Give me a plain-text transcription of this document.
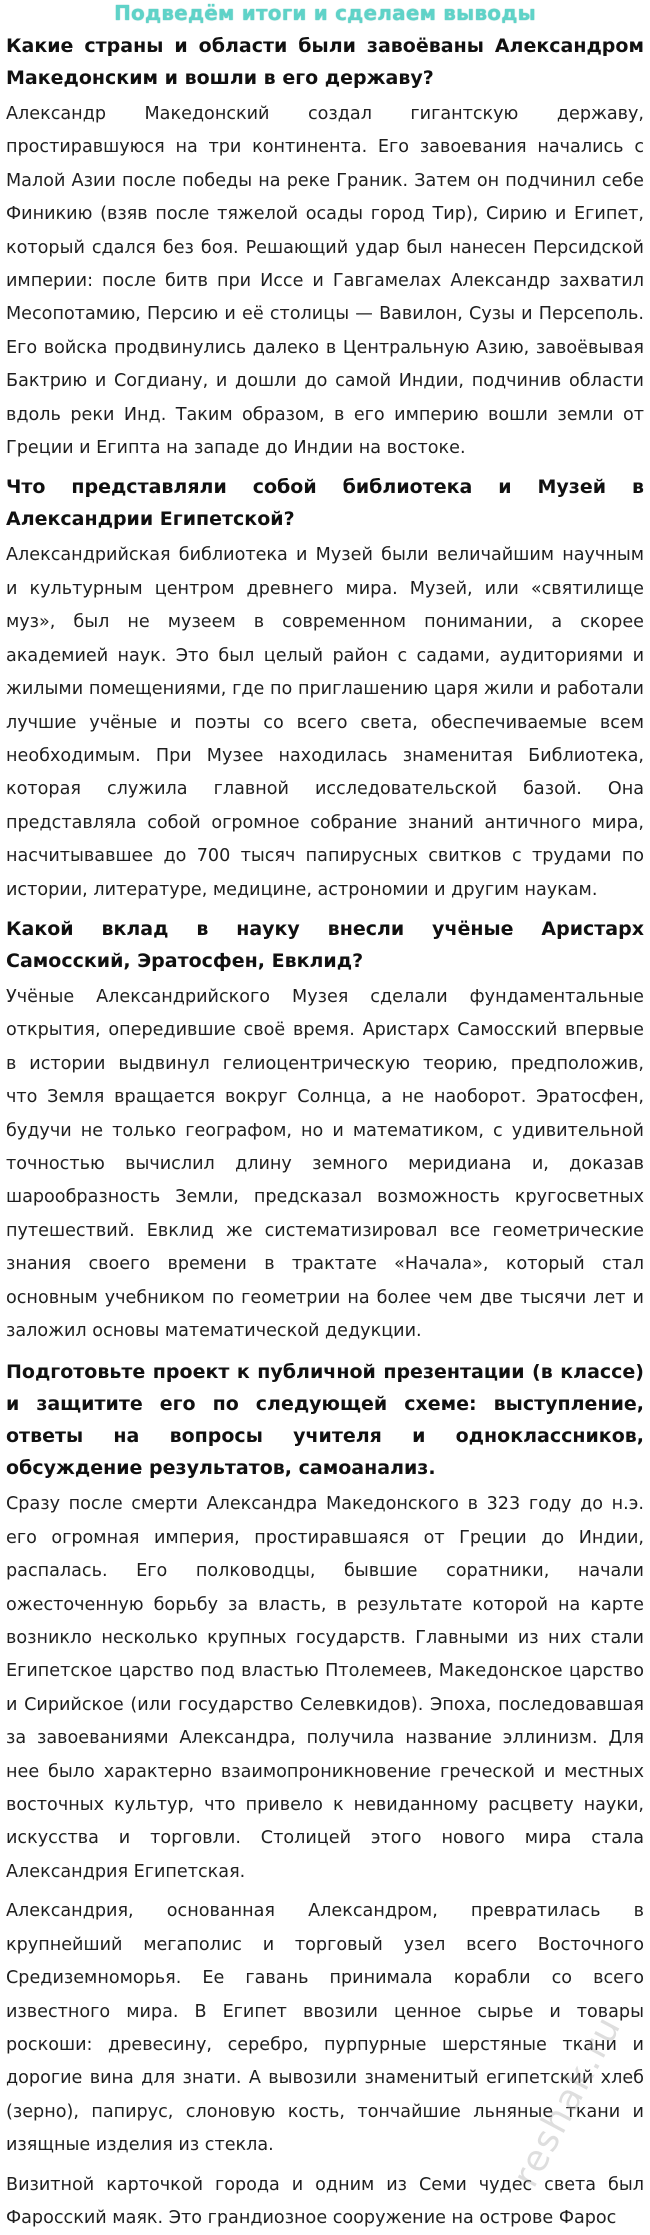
Подведём итоги и сделаем выводы
Какие страны и области были завоёваны Александром Македонским и вошли в его державу?

Александр Македонский создал гигантскую державу, простиравшуюся на три континента. Его завоевания начались с Малой Азии после победы на реке Граник. Затем он подчинил себе Финикию (взяв после тяжелой осады город Тир), Сирию и Египет, который сдался без боя. Решающий удар был нанесен Персидской империи: после битв при Иссе и Гавгамелах Александр захватил Месопотамию, Персию и её столицы — Вавилон, Сузы и Персеполь. Его войска продвинулись далеко в Центральную Азию, завоёвывая Бактрию и Согдиану, и дошли до самой Индии, подчинив области вдоль реки Инд. Таким образом, в его империю вошли земли от Греции и Египта на западе до Индии на востоке.

Что представляли собой библиотека и Музей в Александрии Египетской?

Александрийская библиотека и Музей были величайшим научным и культурным центром древнего мира. Музей, или «святилище муз», был не музеем в современном понимании, а скорее академией наук. Это был целый район с садами, аудиториями и жилыми помещениями, где по приглашению царя жили и работали лучшие учёные и поэты со всего света, обеспечиваемые всем необходимым. При Музее находилась знаменитая Библиотека, которая служила главной исследовательской базой. Она представляла собой огромное собрание знаний античного мира, насчитывавшее до 700 тысяч папирусных свитков с трудами по истории, литературе, медицине, астрономии и другим наукам.

Какой вклад в науку внесли учёные Аристарх Самосский, Эратосфен, Евклид?

Учёные Александрийского Музея сделали фундаментальные открытия, опередившие своё время. Аристарх Самосский впервые в истории выдвинул гелиоцентрическую теорию, предположив, что Земля вращается вокруг Солнца, а не наоборот. Эратосфен, будучи не только географом, но и математиком, с удивительной точностью вычислил длину земного меридиана и, доказав шарообразность Земли, предсказал возможность кругосветных путешествий. Евклид же систематизировал все геометрические знания своего времени в трактате «Начала», который стал основным учебником по геометрии на более чем две тысячи лет и заложил основы математической дедукции.

Подготовьте проект к публичной презентации (в классе) и защитите его по следующей схеме: выступление, ответы на вопросы учителя и одноклассников, обсуждение результатов, самоанализ.

Сразу после смерти Александра Македонского в 323 году до н.э. его огромная империя, простиравшаяся от Греции до Индии, распалась. Его полководцы, бывшие соратники, начали ожесточенную борьбу за власть, в результате которой на карте возникло несколько крупных государств. Главными из них стали Египетское царство под властью Птолемеев, Македонское царство и Сирийское (или государство Селевкидов). Эпоха, последовавшая за завоеваниями Александра, получила название эллинизм. Для нее было характерно взаимопроникновение греческой и местных восточных культур, что привело к невиданному расцвету науки, искусства и торговли. Столицей этого нового мира стала Александрия Египетская.

Александрия, основанная Александром, превратилась в крупнейший мегаполис и торговый узел всего Восточного Средиземноморья. Ее гавань принимала корабли со всего известного мира. В Египет ввозили ценное сырье и товары роскоши: древесину, серебро, пурпурные шерстяные ткани и дорогие вина для знати. А вывозили знаменитый египетский хлеб (зерно), папирус, слоновую кость, тончайшие льняные ткани и изящные изделия из стекла.

Визитной карточкой города и одним из Семи чудес света был Фаросский маяк. Это грандиозное сооружение на острове Фарос

reshak.ru
